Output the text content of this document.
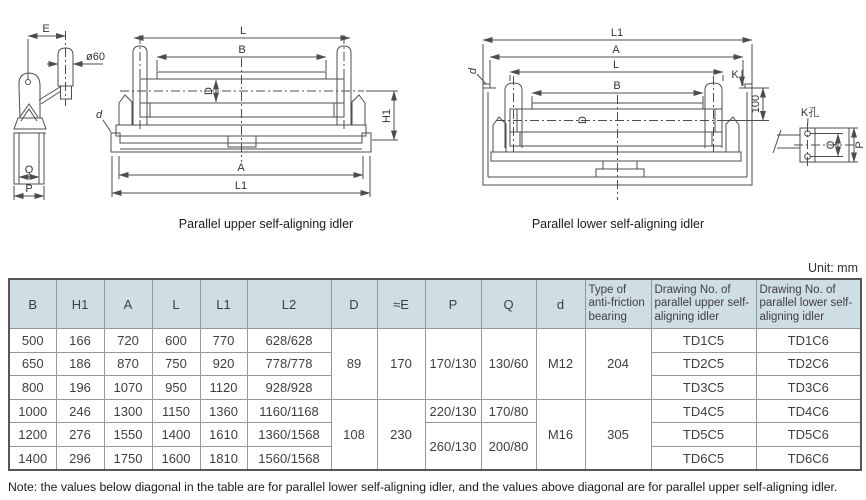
E
ø60
Q
P
L
B
D
d	H1
A
L1
L1
A
L
B
K
d
D
100	K孔
Q P
Parallel upper self-aligning idler	Parallel lower self-aligning idler
Unit: mm
B	H1	A	L	L1	L2	D	≈E	P	Q	d	Type of anti-friction bearing	Drawing No. of parallel upper self-aligning idler	Drawing No. of parallel lower self-aligning idler
500	166	720	600	770	628/628	89	170	170/130	130/60	M12	204	TD1C5	TD1C6
650	186	870	750	920	778/778							TD2C5	TD2C6
800	196	1070	950	1120	928/928							TD3C5	TD3C6
1000	246	1300	1150	1360	1160/1168	108	230	220/130	170/80	M16	305	TD4C5	TD4C6
1200	276	1550	1400	1610	1360/1568			260/130	200/80			TD5C5	TD5C6
1400	296	1750	1600	1810	1560/1568							TD6C5	TD6C6
Note: the values below diagonal in the table are for parallel lower self-aligning idler, and the values above diagonal are for parallel upper self-aligning idler.
